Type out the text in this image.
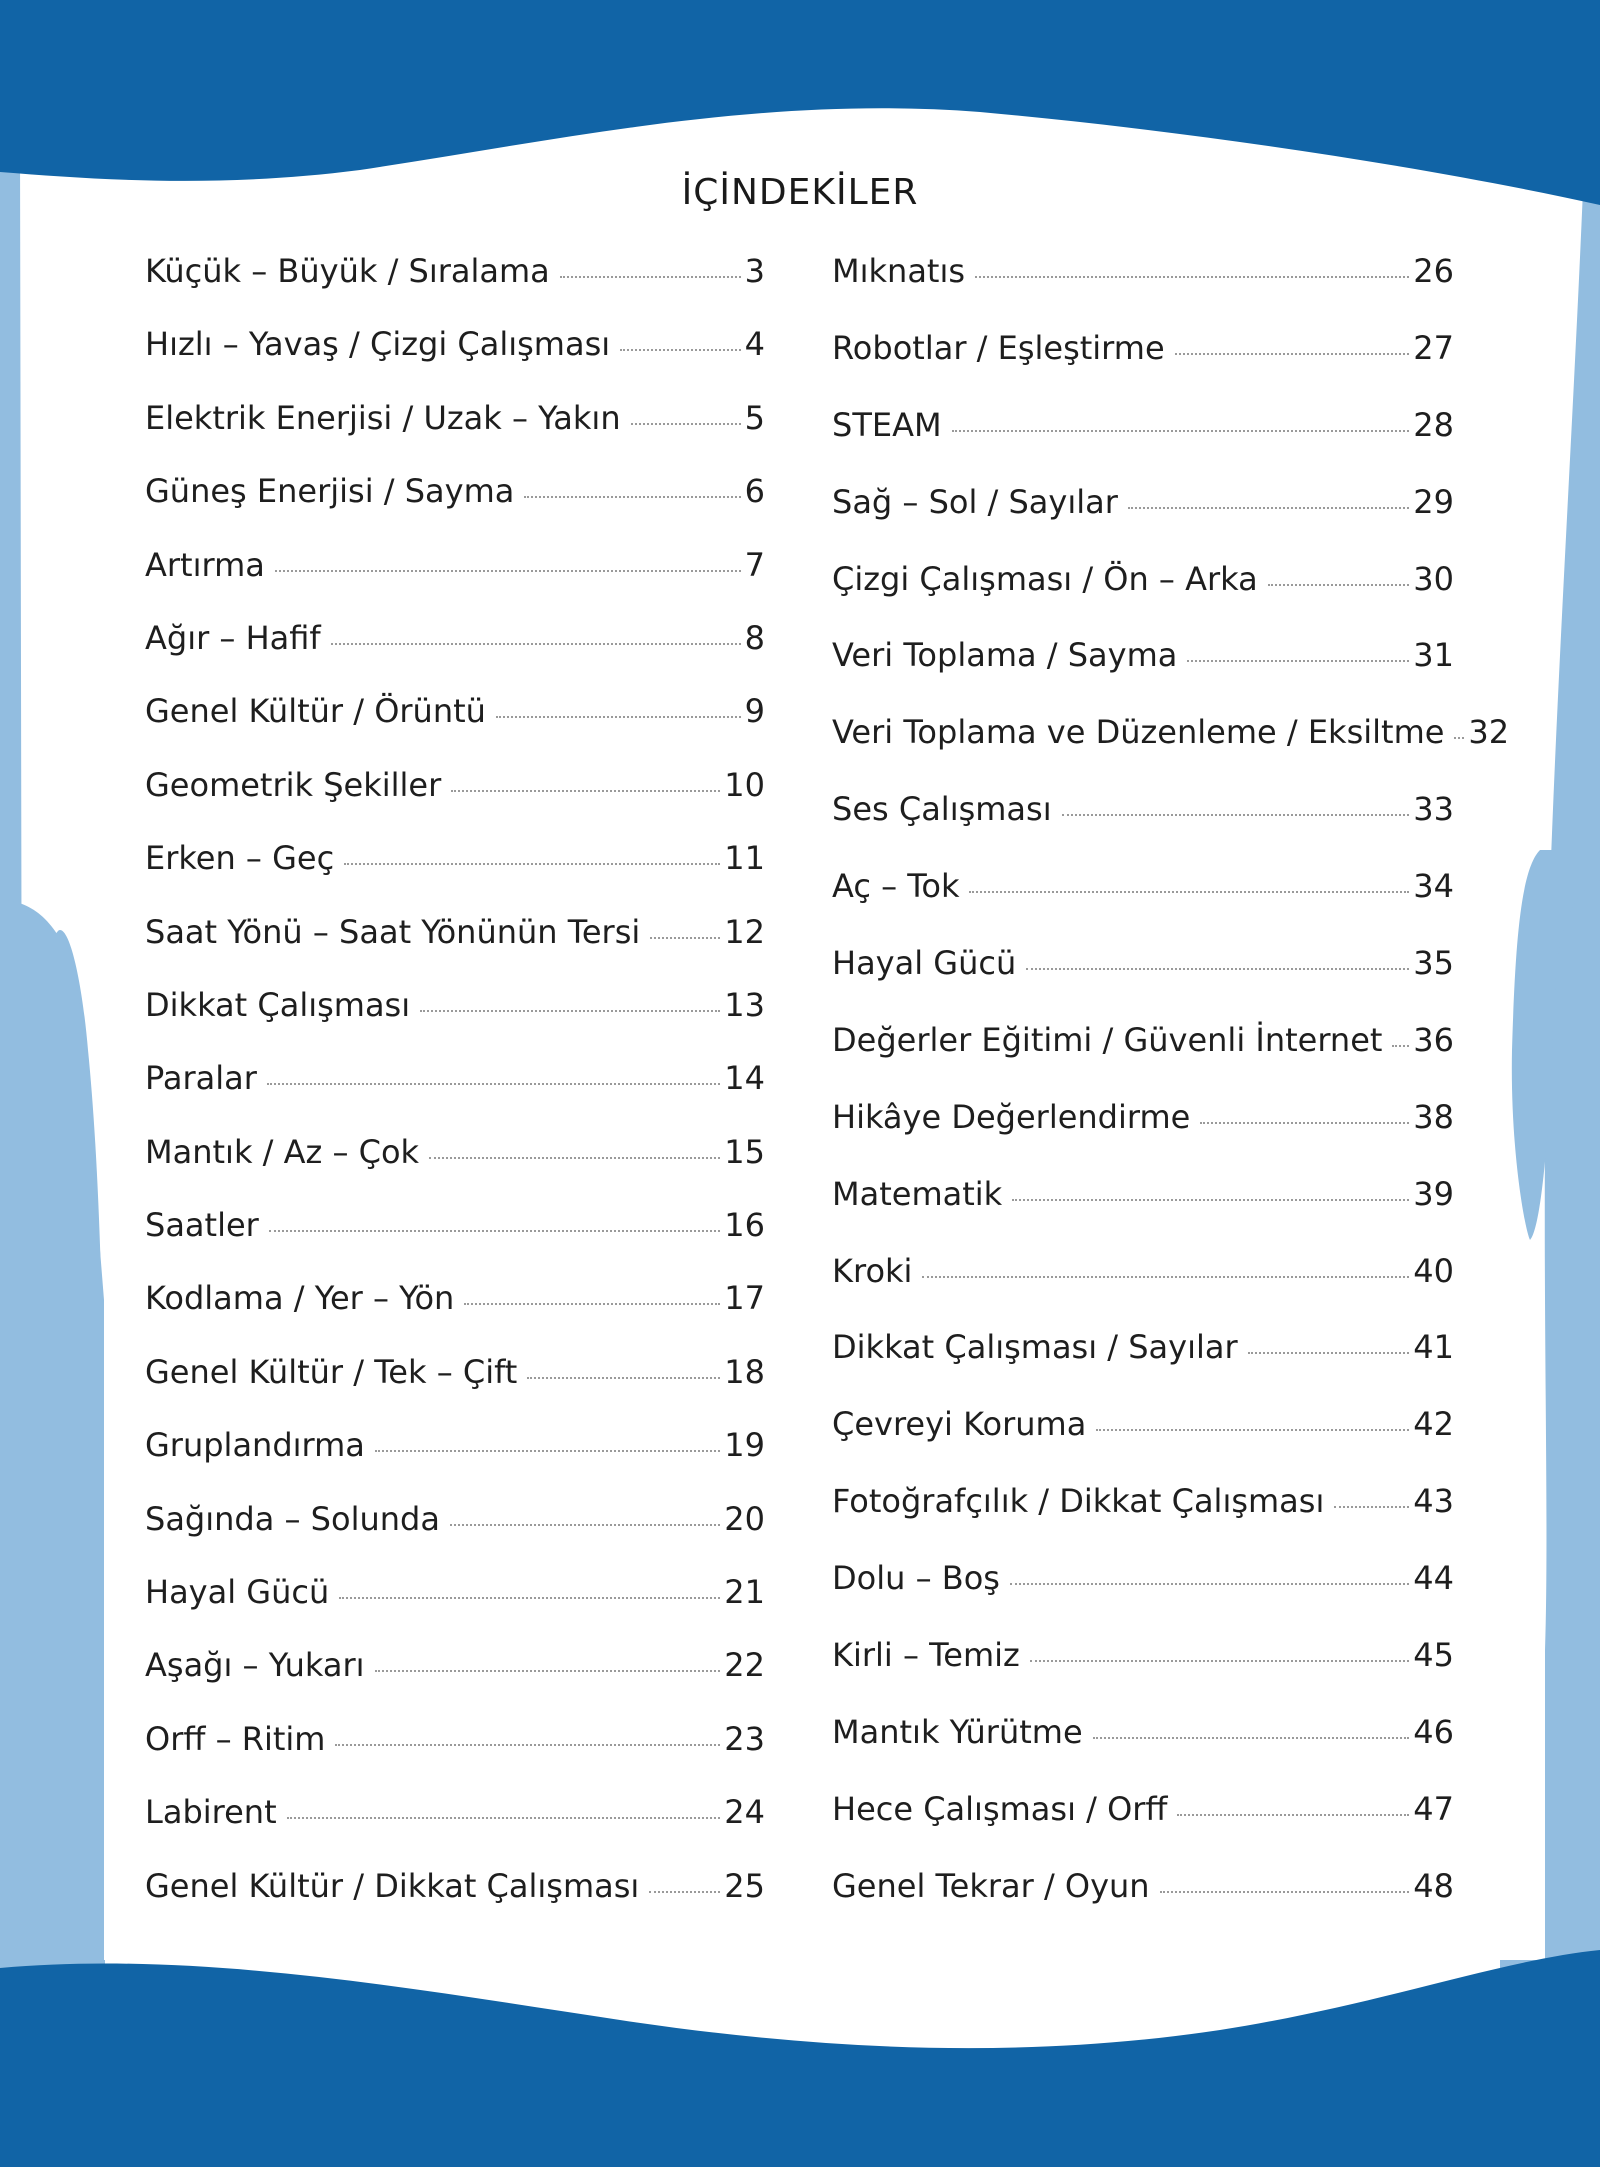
İÇİNDEKİLER
Küçük – Büyük / Sıralama	3
Hızlı – Yavaş / Çizgi Çalışması	4
Elektrik Enerjisi / Uzak – Yakın	5
Güneş Enerjisi / Sayma	6
Artırma	7
Ağır – Hafif	8
Genel Kültür / Örüntü	9
Geometrik Şekiller	10
Erken – Geç	11
Saat Yönü – Saat Yönünün Tersi	12
Dikkat Çalışması	13
Paralar	14
Mantık / Az – Çok	15
Saatler	16
Kodlama / Yer – Yön	17
Genel Kültür / Tek – Çift	18
Gruplandırma	19
Sağında – Solunda	20
Hayal Gücü	21
Aşağı – Yukarı	22
Orff – Ritim	23
Labirent	24
Genel Kültür / Dikkat Çalışması	25
Mıknatıs	26
Robotlar / Eşleştirme	27
STEAM	28
Sağ – Sol / Sayılar	29
Çizgi Çalışması / Ön – Arka	30
Veri Toplama / Sayma	31
Veri Toplama ve Düzenleme / Eksiltme 32
Ses Çalışması	33
Aç – Tok	34
Hayal Gücü	35
Değerler Eğitimi / Güvenli İnternet 36
Hikâye Değerlendirme	38
Matematik	39
Kroki	40
Dikkat Çalışması / Sayılar	41
Çevreyi Koruma	42
Fotoğrafçılık / Dikkat Çalışması	43
Dolu – Boş	44
Kirli – Temiz	45
Mantık Yürütme	46
Hece Çalışması / Orff	47
Genel Tekrar / Oyun	48
